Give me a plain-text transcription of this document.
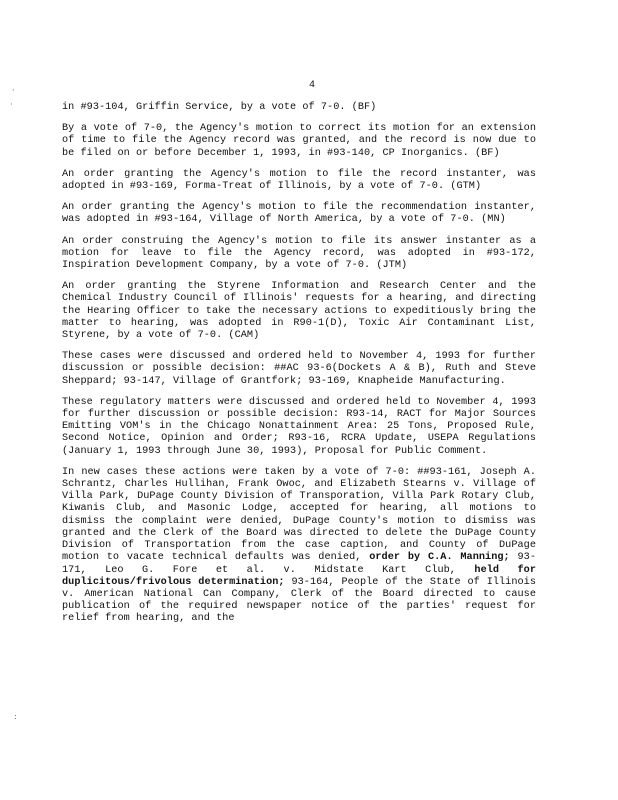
·
·
:
4

in #93-104, Griffin Service, by a vote of 7-0. (BF)

By a vote of 7-0, the Agency's motion to correct its motion for an extension of time to file the Agency record was granted, and the record is now due to be filed on or before December 1, 1993, in #93-140, CP Inorganics. (BF)

An order granting the Agency's motion to file the record instanter, was adopted in #93-169, Forma-Treat of Illinois, by a vote of 7-0. (GTM)

An order granting the Agency's motion to file the recommendation instanter, was adopted in #93-164, Village of North America, by a vote of 7-0. (MN)

An order construing the Agency's motion to file its answer instanter as a motion for leave to file the Agency record, was adopted in #93-172, Inspiration Development Company, by a vote of 7-0. (JTM)

An order granting the Styrene Information and Research Center and the Chemical Industry Council of Illinois' requests for a hearing, and directing the Hearing Officer to take the necessary actions to expeditiously bring the matter to hearing, was adopted in R90-1(D), Toxic Air Contaminant List, Styrene, by a vote of 7-0. (CAM)

These cases were discussed and ordered held to November 4, 1993 for further discussion or possible decision: ##AC 93-6(Dockets A & B), Ruth and Steve Sheppard; 93-147, Village of Grantfork; 93-169, Knapheide Manufacturing.

These regulatory matters were discussed and ordered held to November 4, 1993 for further discussion or possible decision: R93-14, RACT for Major Sources Emitting VOM's in the Chicago Nonattainment Area: 25 Tons, Proposed Rule, Second Notice, Opinion and Order; R93-16, RCRA Update, USEPA Regulations (January 1, 1993 through June 30, 1993), Proposal for Public Comment.

In new cases these actions were taken by a vote of 7-0: ##93-161, Joseph A. Schrantz, Charles Hullihan, Frank Owoc, and Elizabeth Stearns v. Village of Villa Park, DuPage County Division of Transporation, Villa Park Rotary Club, Kiwanis Club, and Masonic Lodge, accepted for hearing, all motions to dismiss the complaint were denied, DuPage County's motion to dismiss was granted and the Clerk of the Board was directed to delete the DuPage County Division of Transportation from the case caption, and County of DuPage motion to vacate technical defaults was denied, order by C.A. Manning; 93-171, Leo G. Fore et al. v. Midstate Kart Club, held for duplicitous/frivolous determination; 93-164, People of the State of Illinois v. American National Can Company, Clerk of the Board directed to cause publication of the required newspaper notice of the parties' request for relief from hearing, and the
